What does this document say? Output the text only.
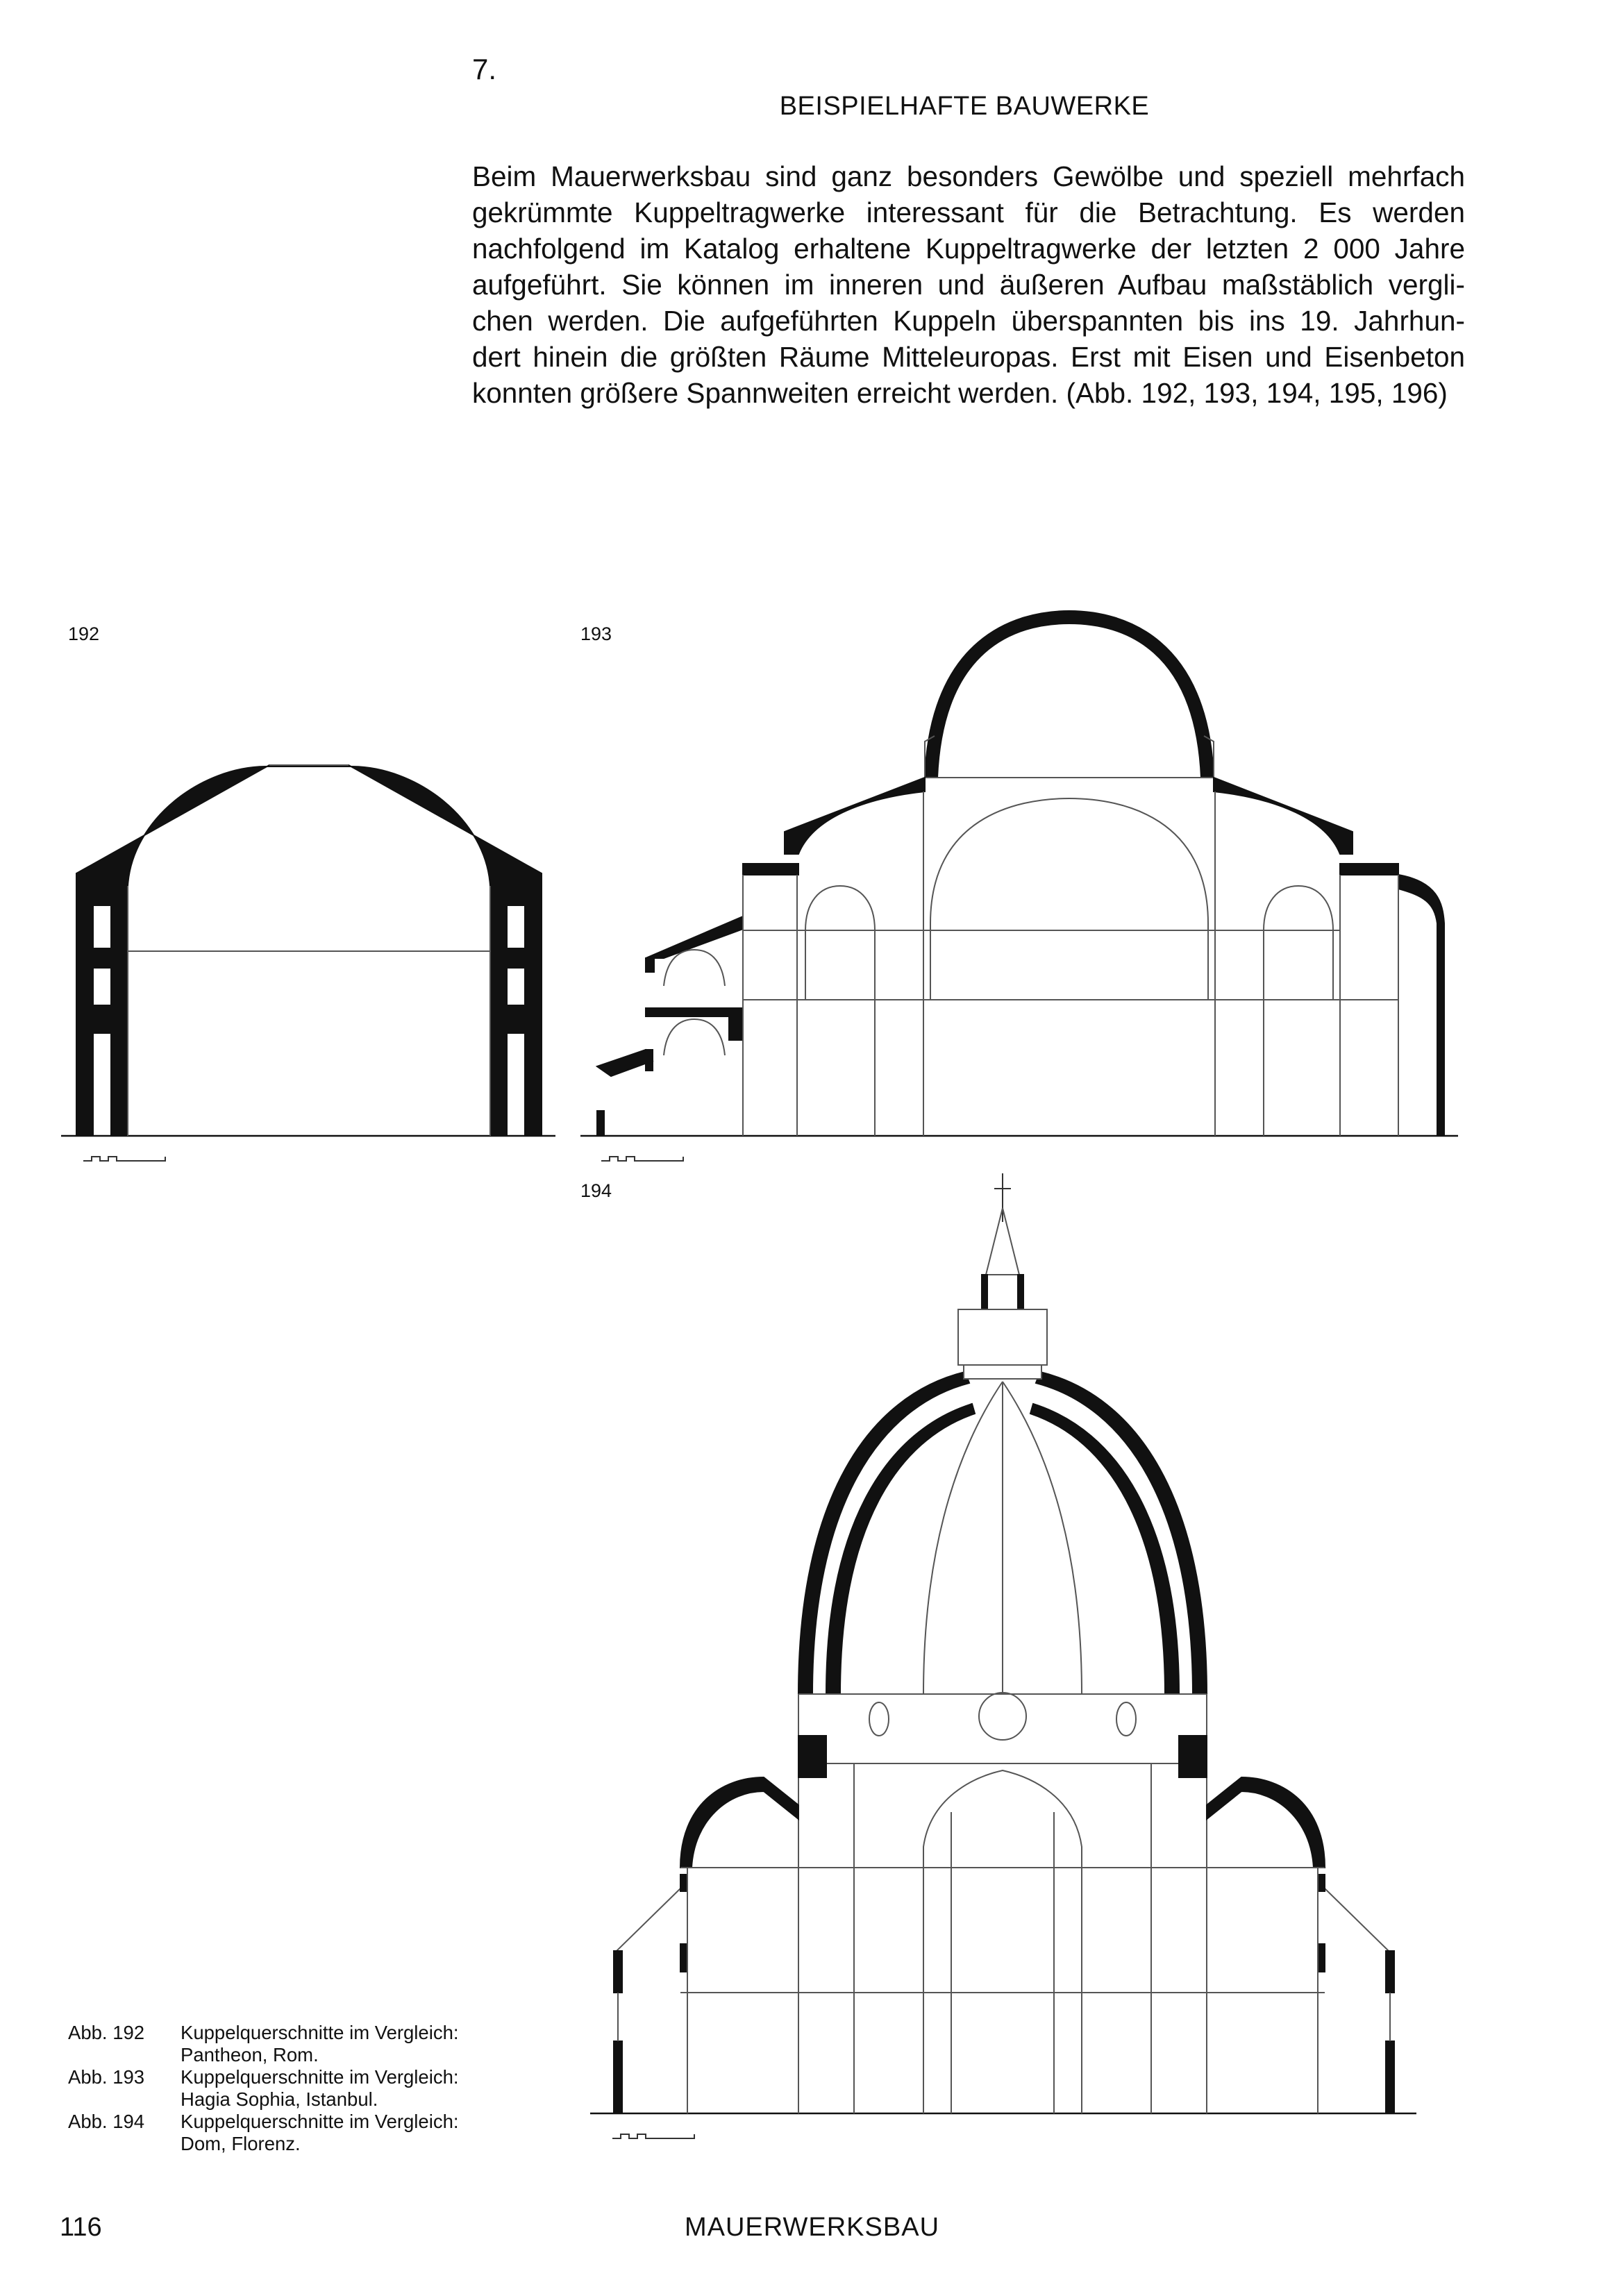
7.
BEISPIELHAFTE BAUWERKE
Beim Mauerwerksbau sind ganz besonders Gewölbe und speziell mehrfach
gekrümmte Kuppeltragwerke interessant für die Betrachtung. Es werden
nachfolgend im Katalog erhaltene Kuppeltragwerke der letzten 2 000 Jahre
aufgeführt. Sie können im inneren und äußeren Aufbau maßstäblich vergli-
chen werden. Die aufgeführten Kuppeln überspannten bis ins 19. Jahrhun-
dert hinein die größten Räume Mitteleuropas. Erst mit Eisen und Eisenbeton
konnten größere Spannweiten erreicht werden. (Abb. 192, 193, 194, 195, 196)
192	193
194
Abb. 192	Kuppelquerschnitte im Vergleich:
Pantheon, Rom.
Abb. 193	Kuppelquerschnitte im Vergleich:
Hagia Sophia, Istanbul.
Abb. 194	Kuppelquerschnitte im Vergleich:
Dom, Florenz.
MAUERWERKSBAU
116
